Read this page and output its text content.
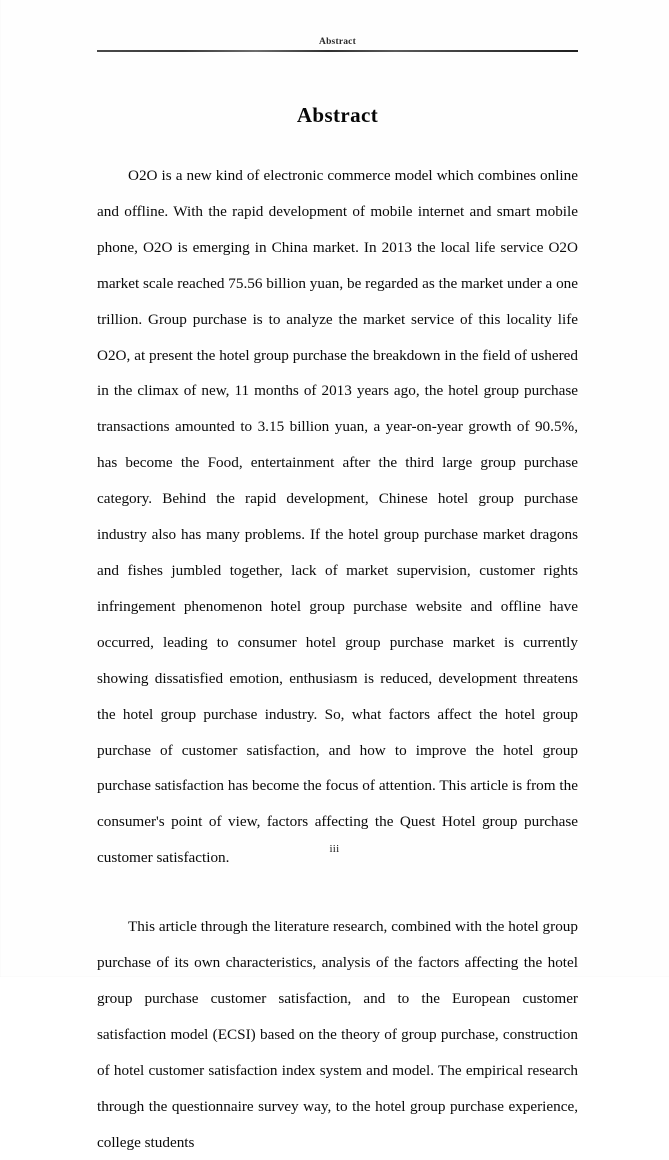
Abstract
Abstract

O2O is a new kind of electronic commerce model which combines online and offline. With the rapid development of mobile internet and smart mobile phone, O2O is emerging in China market. In 2013 the local life service O2O market scale reached 75.56 billion yuan, be regarded as the market under a one trillion. Group purchase is to analyze the market service of this locality life O2O, at present the hotel group purchase the breakdown in the field of ushered in the climax of new, 11 months of 2013 years ago, the hotel group purchase transactions amounted to 3.15 billion yuan, a year-on-year growth of 90.5%, has become the Food, entertainment after the third large group purchase category. Behind the rapid development, Chinese hotel group purchase industry also has many problems. If the hotel group purchase market dragons and fishes jumbled together, lack of market supervision, customer rights infringement phenomenon hotel group purchase website and offline have occurred, leading to consumer hotel group purchase market is currently showing dissatisfied emotion, enthusiasm is reduced, development threatens the hotel group purchase industry. So, what factors affect the hotel group purchase of customer satisfaction, and how to improve the hotel group purchase satisfaction has become the focus of attention. This article is from the consumer's point of view, factors affecting the Quest Hotel group purchase customer satisfaction.

This article through the literature research, combined with the hotel group purchase of its own characteristics, analysis of the factors affecting the hotel group purchase customer satisfaction, and to the European customer satisfaction model (ECSI) based on the theory of group purchase, construction of hotel customer satisfaction index system and model. The empirical research through the questionnaire survey way, to the hotel group purchase experience, college students

iii
